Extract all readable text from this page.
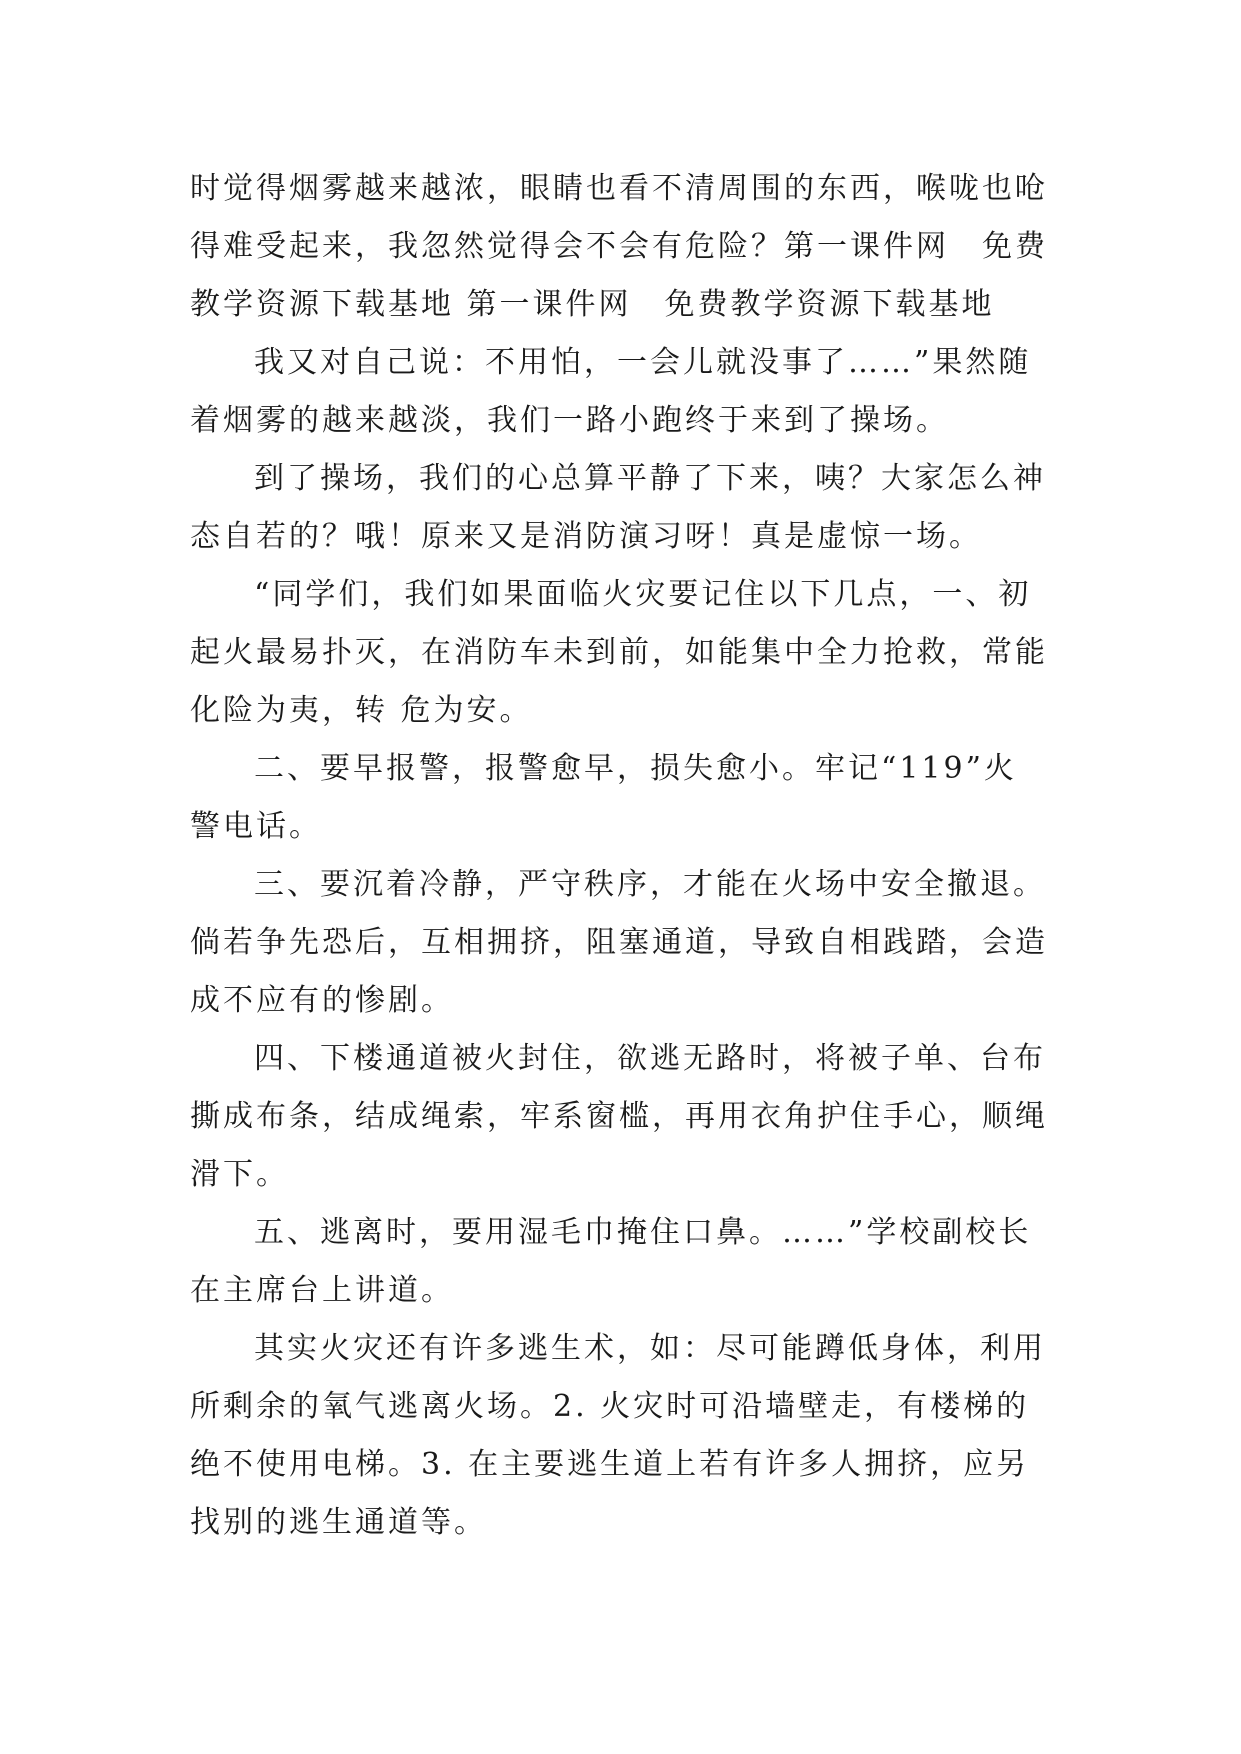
时觉得烟雾越来越浓，眼睛也看不清周围的东西，喉咙也呛
得难受起来，我忽然觉得会不会有危险？第一课件网　免费
教学资源下载基地 第一课件网　免费教学资源下载基地
我又对自己说：不用怕，一会儿就没事了……”果然随
着烟雾的越来越淡，我们一路小跑终于来到了操场。
到了操场，我们的心总算平静了下来，咦？大家怎么神
态自若的？哦！原来又是消防演习呀！真是虚惊一场。
“同学们，我们如果面临火灾要记住以下几点，一、初
起火最易扑灭，在消防车未到前，如能集中全力抢救，常能
化险为夷，转 危为安。
二、要早报警，报警愈早，损失愈小。牢记“119”火
警电话。
三、要沉着冷静，严守秩序，才能在火场中安全撤退。
倘若争先恐后，互相拥挤，阻塞通道，导致自相践踏，会造
成不应有的惨剧。
四、下楼通道被火封住，欲逃无路时，将被子单、台布
撕成布条，结成绳索，牢系窗槛，再用衣角护住手心，顺绳
滑下。
五、逃离时，要用湿毛巾掩住口鼻。……”学校副校长
在主席台上讲道。
其实火灾还有许多逃生术，如：尽可能蹲低身体，利用
所剩余的氧气逃离火场。2. 火灾时可沿墙壁走，有楼梯的
绝不使用电梯。3. 在主要逃生道上若有许多人拥挤，应另
找别的逃生通道等。
